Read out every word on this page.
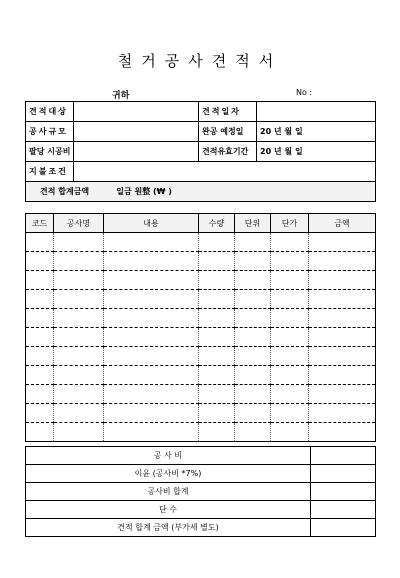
철거공사견적서
귀하	No :
견적대상		견적일자	
공사규모		완공 예정일	20 년 월 일
팔당 시공비		견적유효기간	20 년 월 일
지불조건			
견적 합계금액 일금 원整 (₩ )			
코드	공사명	내용	수량	단위	단가	금액

공 사 비	
이윤 (공사비 *7%)	
공사비 합계	
단 수	
견적 합계 금액 (부가세 별도)	
